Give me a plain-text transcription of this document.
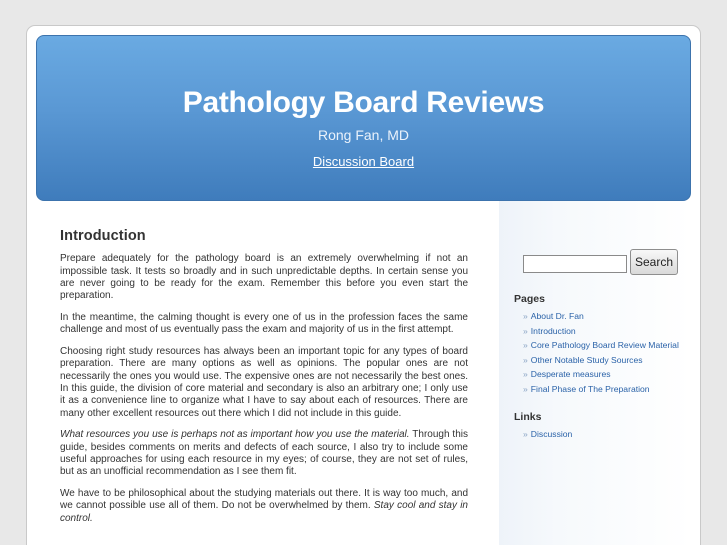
Pathology Board Reviews
Rong Fan, MD
Discussion Board
Introduction

Prepare adequately for the pathology board is an extremely overwhelming if not an impossible task. It tests so broadly and in such unpredictable depths. In certain sense you are never going to be ready for the exam. Remember this before you even start the preparation.

In the meantime, the calming thought is every one of us in the profession faces the same challenge and most of us eventually pass the exam and majority of us in the first attempt.

Choosing right study resources has always been an important topic for any types of board preparation. There are many options as well as opinions. The popular ones are not necessarily the ones you would use. The expensive ones are not necessarily the best ones. In this guide, the division of core material and secondary is also an arbitrary one; I only use it as a convenience line to organize what I have to say about each of resources. There are many other excellent resources out there which I did not include in this guide.

What resources you use is perhaps not as important how you use the material. Through this guide, besides comments on merits and defects of each source, I also try to include some useful approaches for using each resource in my eyes; of course, they are not set of rules, but as an unofficial recommendation as I see them fit.

We have to be philosophical about the studying materials out there. It is way too much, and we cannot possible use all of them. Do not be overwhelmed by them. Stay cool and stay in control.

Search
Pages
» About Dr. Fan
» Introduction
» Core Pathology Board Review Material
» Other Notable Study Sources
» Desperate measures
» Final Phase of The Preparation
Links
» Discussion
